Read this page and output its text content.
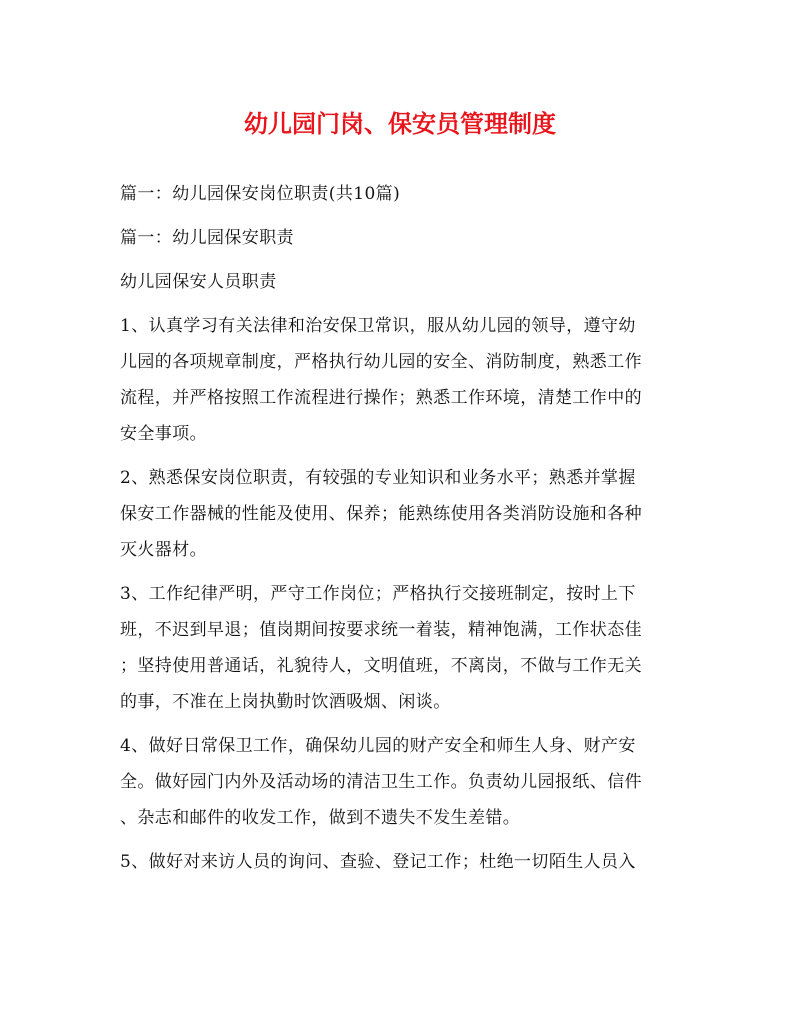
幼儿园门岗、保安员管理制度
篇一：幼儿园保安岗位职责(共10篇)
篇一：幼儿园保安职责
幼儿园保安人员职责
1、认真学习有关法律和治安保卫常识，服从幼儿园的领导，遵守幼
儿园的各项规章制度，严格执行幼儿园的安全、消防制度，熟悉工作
流程，并严格按照工作流程进行操作；熟悉工作环境，清楚工作中的
安全事项。
2、熟悉保安岗位职责，有较强的专业知识和业务水平；熟悉并掌握
保安工作器械的性能及使用、保养；能熟练使用各类消防设施和各种
灭火器材。
3、工作纪律严明，严守工作岗位；严格执行交接班制定，按时上下
班，不迟到早退；值岗期间按要求统一着装，精神饱满，工作状态佳
；坚持使用普通话，礼貌待人，文明值班，不离岗，不做与工作无关
的事，不准在上岗执勤时饮酒吸烟、闲谈。
4、做好日常保卫工作，确保幼儿园的财产安全和师生人身、财产安
全。做好园门内外及活动场的清洁卫生工作。负责幼儿园报纸、信件
、杂志和邮件的收发工作，做到不遗失不发生差错。
5、做好对来访人员的询问、查验、登记工作；杜绝一切陌生人员入
